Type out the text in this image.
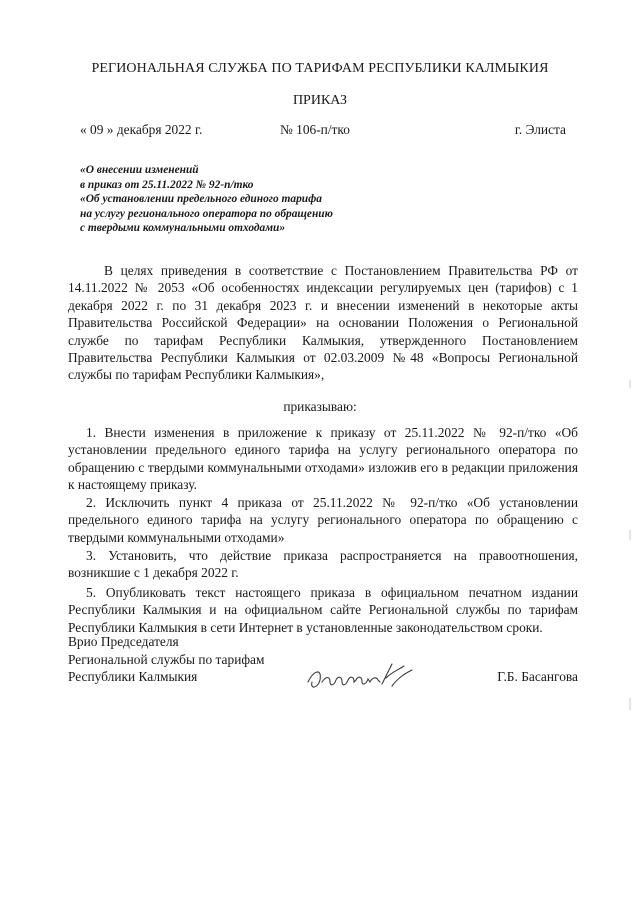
РЕГИОНАЛЬНАЯ СЛУЖБА ПО ТАРИФАМ РЕСПУБЛИКИ КАЛМЫКИЯ
ПРИКАЗ
« 09 » декабря 2022 г.	№ 106-п/тко	г. Элиста
«О внесении изменений
в приказ от 25.11.2022 № 92-п/тко
«Об установлении предельного единого тарифа
на услугу регионального оператора по обращению
с твердыми коммунальными отходами»
В целях приведения в соответствие с Постановлением Правительства РФ от 14.11.2022 № 2053 «Об особенностях индексации регулируемых цен (тарифов) с 1 декабря 2022 г. по 31 декабря 2023 г. и внесении изменений в некоторые акты Правительства Российской Федерации» на основании Положения о Региональной службе по тарифам Республики Калмыкия, утвержденного Постановлением Правительства Республики Калмыкия от 02.03.2009 №48 «Вопросы Региональной службы по тарифам Республики Калмыкия»,
приказываю:
1. Внести изменения в приложение к приказу от 25.11.2022 № 92-п/тко «Об установлении предельного единого тарифа на услугу регионального оператора по обращению с твердыми коммунальными отходами» изложив его в редакции приложения к настоящему приказу.
2. Исключить пункт 4 приказа от 25.11.2022 № 92-п/тко «Об установлении предельного единого тарифа на услугу регионального оператора по обращению с твердыми коммунальными отходами»
3. Установить, что действие приказа распространяется на правоотношения, возникшие с 1 декабря 2022 г.
5. Опубликовать текст настоящего приказа в официальном печатном издании Республики Калмыкия и на официальном сайте Региональной службы по тарифам Республики Калмыкия в сети Интернет в установленные законодательством сроки.
Врио Председателя
Региональной службы по тарифам
Республики Калмыкия	Г.Б. Басангова
